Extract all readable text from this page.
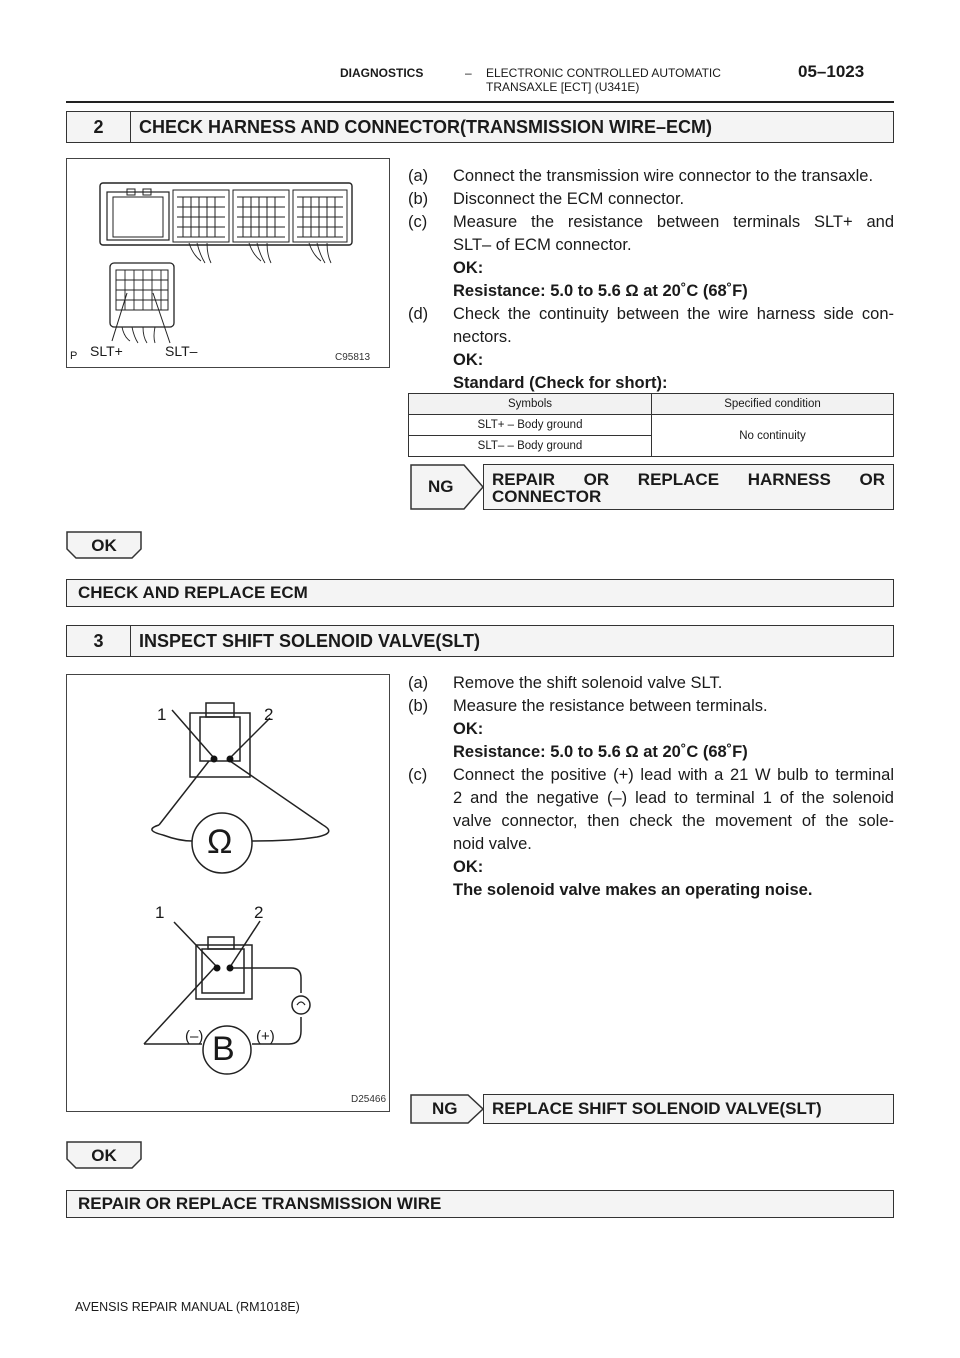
DIAGNOSTICS	– ELECTRONIC CONTROLLED AUTOMATIC
TRANSAXLE [ECT] (U341E)
05–1023
2	CHECK HARNESS AND CONNECTOR(TRANSMISSION WIRE–ECM)
P SLT+	SLT–	C95813
(a)	Connect the transmission wire connector to the transaxle.
(b)	Disconnect the ECM connector.
(c)	Measure the resistance between terminals SLT+ and
SLT– of ECM connector.
OK:
Resistance: 5.0 to 5.6 Ω at 20˚C (68˚F)
(d)	Check the continuity between the wire harness side con-
nectors.
OK:
Standard (Check for short):
Symbols	Specified condition
SLT+ – Body ground	No continuity
SLT– – Body ground	
NG REPAIR OR REPLACE HARNESS OR
CONNECTOR
OK
CHECK AND REPLACE ECM
3	INSPECT SHIFT SOLENOID VALVE(SLT)
1	2
Ω
1	2
B
(–)	(+)
D25466
(a)	Remove the shift solenoid valve SLT.
(b)	Measure the resistance between terminals.
OK:
Resistance: 5.0 to 5.6 Ω at 20˚C (68˚F)
(c)	Connect the positive (+) lead with a 21 W bulb to terminal
2 and the negative (–) lead to terminal 1 of the solenoid
valve connector, then check the movement of the sole-
noid valve.
OK:
The solenoid valve makes an operating noise.
NG	REPLACE SHIFT SOLENOID VALVE(SLT)
OK
REPAIR OR REPLACE TRANSMISSION WIRE
AVENSIS REPAIR MANUAL (RM1018E)
